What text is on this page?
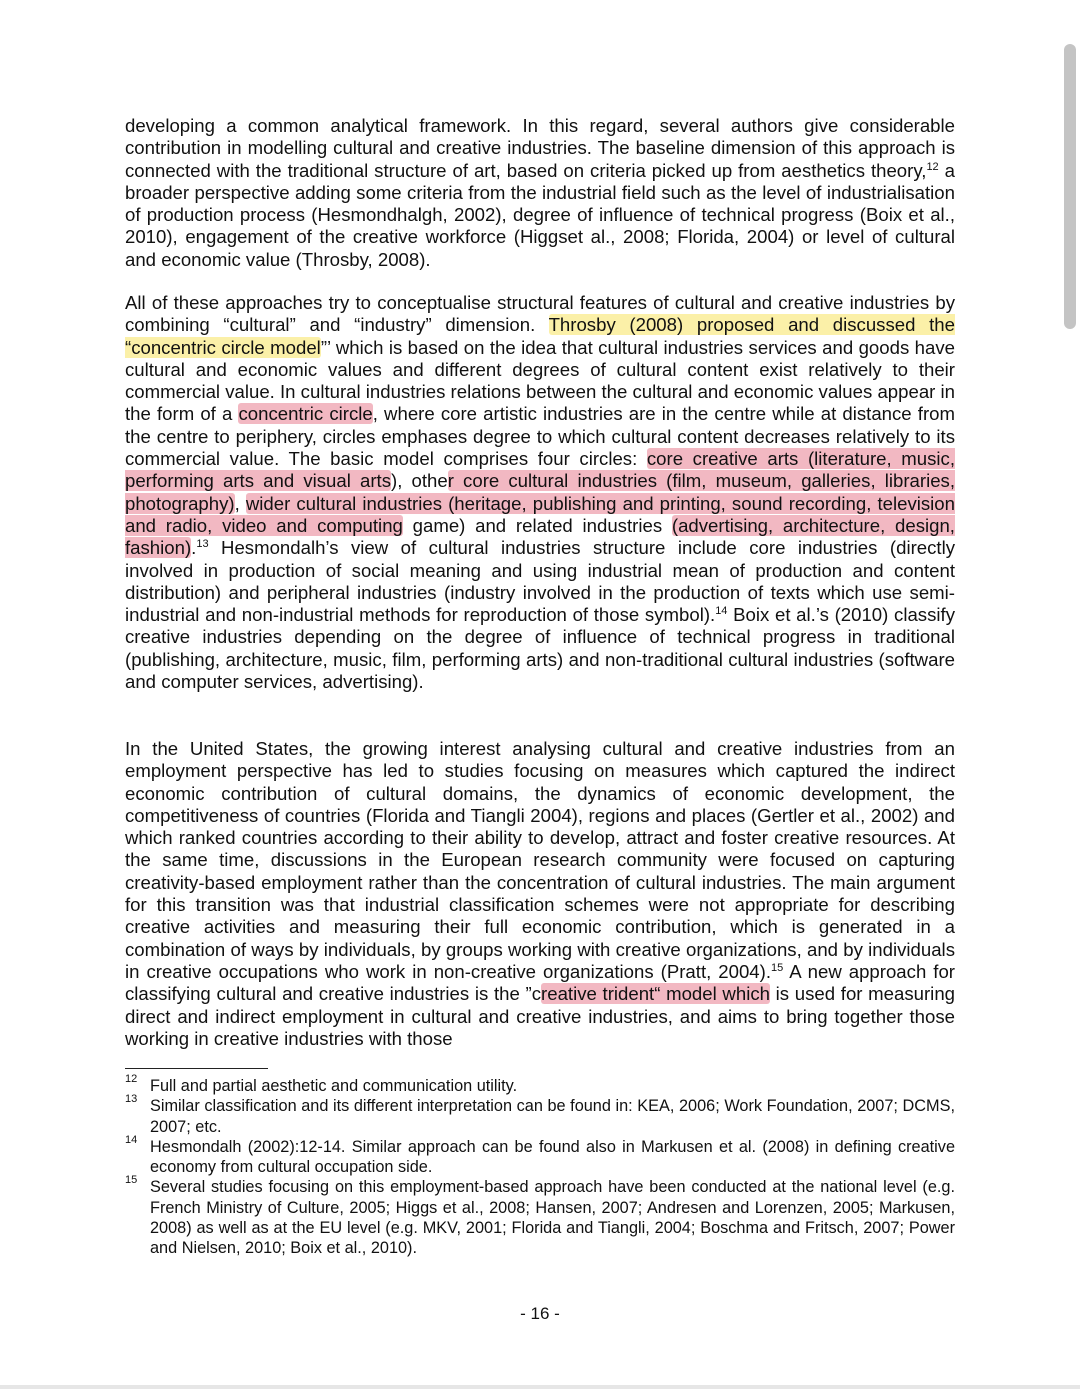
developing a common analytical framework. In this regard, several authors give considerable contribution in modelling cultural and creative industries. The baseline dimension of this approach is connected with the traditional structure of art, based on criteria picked up from aesthetics theory,$^{12}$ a broader perspective adding some criteria from the industrial field such as the level of industrialisation of production process (Hesmondhalgh, 2002), degree of influence of technical progress (Boix et al., 2010), engagement of the creative workforce (Higgset al., 2008; Florida, 2004) or level of cultural and economic value (Throsby, 2008).

All of these approaches try to conceptualise structural features of cultural and creative industries by combining “cultural” and “industry” dimension. Throsby (2008) proposed and discussed the “concentric circle model”’ which is based on the idea that cultural industries services and goods have cultural and economic values and different degrees of cultural content exist relatively to their commercial value. In cultural industries relations between the cultural and economic values appear in the form of a concentric circle, where core artistic industries are in the centre while at distance from the centre to periphery, circles emphases degree to which cultural content decreases relatively to its commercial value. The basic model comprises four circles: core creative arts (literature, music, performing arts and visual arts), other core cultural industries (film, museum, galleries, libraries, photography), wider cultural industries (heritage, publishing and printing, sound recording, television and radio, video and computing game) and related industries (advertising, architecture, design, fashion).$^{13}$ Hesmondalh’s view of cultural industries structure include core industries (directly involved in production of social meaning and using industrial mean of production and content distribution) and peripheral industries (industry involved in the production of texts which use semi-industrial and non-industrial methods for reproduction of those symbol).$^{14}$ Boix et al.’s (2010) classify creative industries depending on the degree of influence of technical progress in traditional (publishing, architecture, music, film, performing arts) and non-traditional cultural industries (software and computer services, advertising).

In the United States, the growing interest analysing cultural and creative industries from an employment perspective has led to studies focusing on measures which captured the indirect economic contribution of cultural domains, the dynamics of economic development, the competitiveness of countries (Florida and Tiangli 2004), regions and places (Gertler et al., 2002) and which ranked countries according to their ability to develop, attract and foster creative resources. At the same time, discussions in the European research community were focused on capturing creativity-based employment rather than the concentration of cultural industries. The main argument for this transition was that industrial classification schemes were not appropriate for describing creative activities and measuring their full economic contribution, which is generated in a combination of ways by individuals, by groups working with creative organizations, and by individuals in creative occupations who work in non-creative organizations (Pratt, 2004).$^{15}$ A new approach for classifying cultural and creative industries is the ”creative trident“ model which is used for measuring direct and indirect employment in cultural and creative industries, and aims to bring together those working in creative industries with those

12 Full and partial aesthetic and communication utility.
13 Similar classification and its different interpretation can be found in: KEA, 2006; Work Foundation, 2007; DCMS, 2007; etc.
14 Hesmondalh (2002):12-14. Similar approach can be found also in Markusen et al. (2008) in defining creative economy from cultural occupation side.
15 Several studies focusing on this employment-based approach have been conducted at the national level (e.g. French Ministry of Culture, 2005; Higgs et al., 2008; Hansen, 2007; Andresen and Lorenzen, 2005; Markusen, 2008) as well as at the EU level (e.g. MKV, 2001; Florida and Tiangli, 2004; Boschma and Fritsch, 2007; Power and Nielsen, 2010; Boix et al., 2010).
- 16 -
